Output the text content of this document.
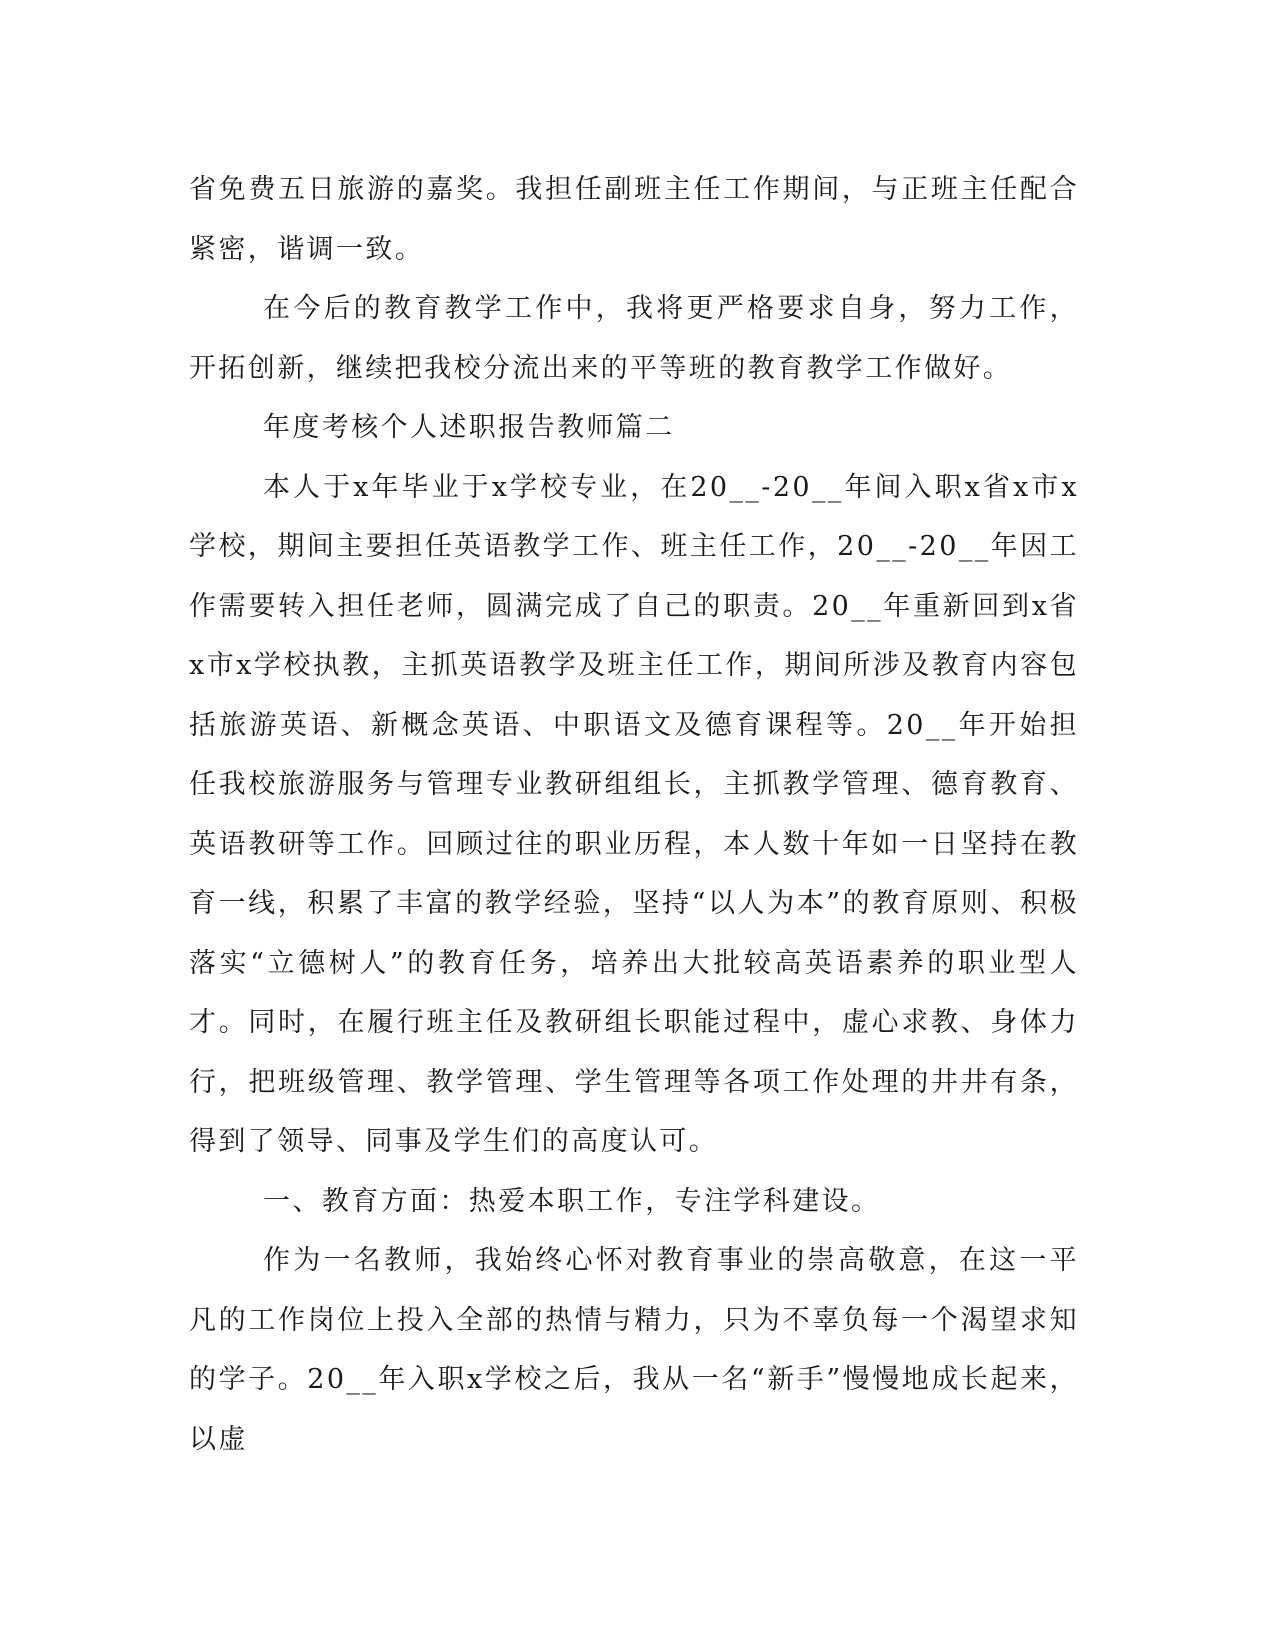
省免费五日旅游的嘉奖。我担任副班主任工作期间，与正班主任配合紧密，谐调一致。

在今后的教育教学工作中，我将更严格要求自身，努力工作，开拓创新，继续把我校分流出来的平等班的教育教学工作做好。

年度考核个人述职报告教师篇二

本人于x年毕业于x学校专业，在20__-20__年间入职x省x市x学校，期间主要担任英语教学工作、班主任工作，20__-20__年因工作需要转入担任老师，圆满完成了自己的职责。20__年重新回到x省x市x学校执教，主抓英语教学及班主任工作，期间所涉及教育内容包括旅游英语、新概念英语、中职语文及德育课程等。20__年开始担任我校旅游服务与管理专业教研组组长，主抓教学管理、德育教育、英语教研等工作。回顾过往的职业历程，本人数十年如一日坚持在教育一线，积累了丰富的教学经验，坚持“以人为本”的教育原则、积极落实“立德树人”的教育任务，培养出大批较高英语素养的职业型人才。同时，在履行班主任及教研组长职能过程中，虚心求教、身体力行，把班级管理、教学管理、学生管理等各项工作处理的井井有条，得到了领导、同事及学生们的高度认可。

一、教育方面：热爱本职工作，专注学科建设。

作为一名教师，我始终心怀对教育事业的崇高敬意，在这一平凡的工作岗位上投入全部的热情与精力，只为不辜负每一个渴望求知的学子。20__年入职x学校之后，我从一名“新手”慢慢地成长起来，以虚
